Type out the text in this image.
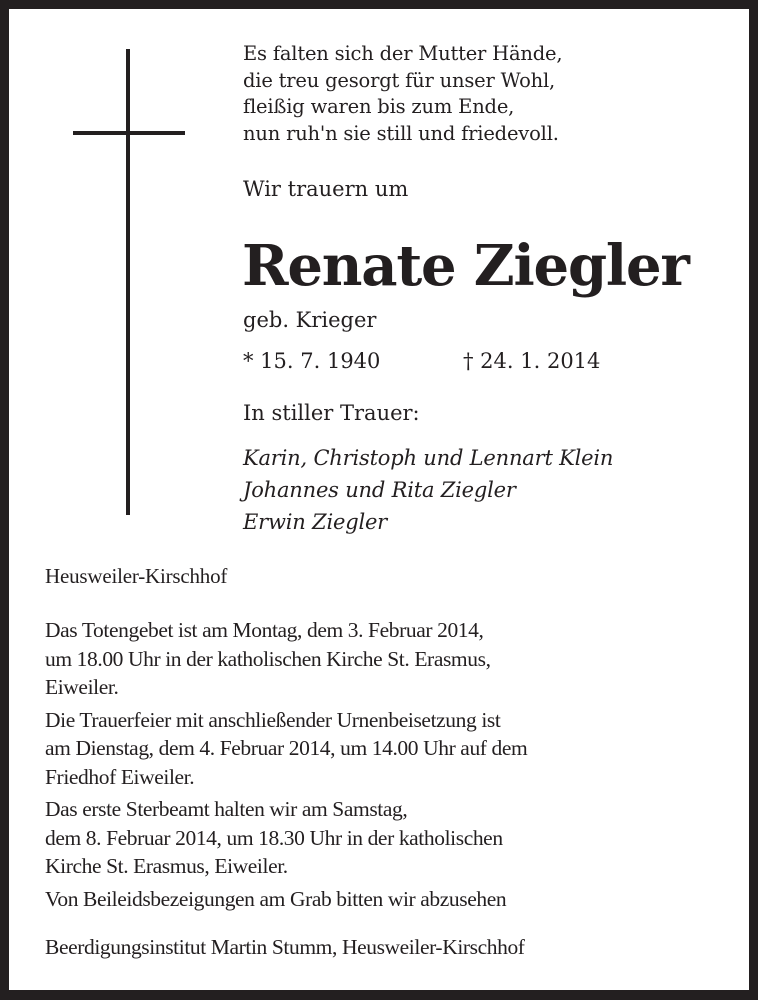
Es falten sich der Mutter Hände,
die treu gesorgt für unser Wohl,
fleißig waren bis zum Ende,
nun ruh'n sie still und friedevoll.
Wir trauern um
Renate Ziegler
geb. Krieger
* 15. 7. 1940	† 24. 1. 2014
In stiller Trauer:
Karin, Christoph und Lennart Klein
Johannes und Rita Ziegler
Erwin Ziegler
Heusweiler-Kirschhof

Das Totengebet ist am Montag, dem 3. Februar 2014,
um 18.00 Uhr in der katholischen Kirche St. Erasmus,
Eiweiler.

Die Trauerfeier mit anschließender Urnenbeisetzung ist
am Dienstag, dem 4. Februar 2014, um 14.00 Uhr auf dem
Friedhof Eiweiler.

Das erste Sterbeamt halten wir am Samstag,
dem 8. Februar 2014, um 18.30 Uhr in der katholischen
Kirche St. Erasmus, Eiweiler.

Von Beileidsbezeigungen am Grab bitten wir abzusehen

Beerdigungsinstitut Martin Stumm, Heusweiler-Kirschhof
